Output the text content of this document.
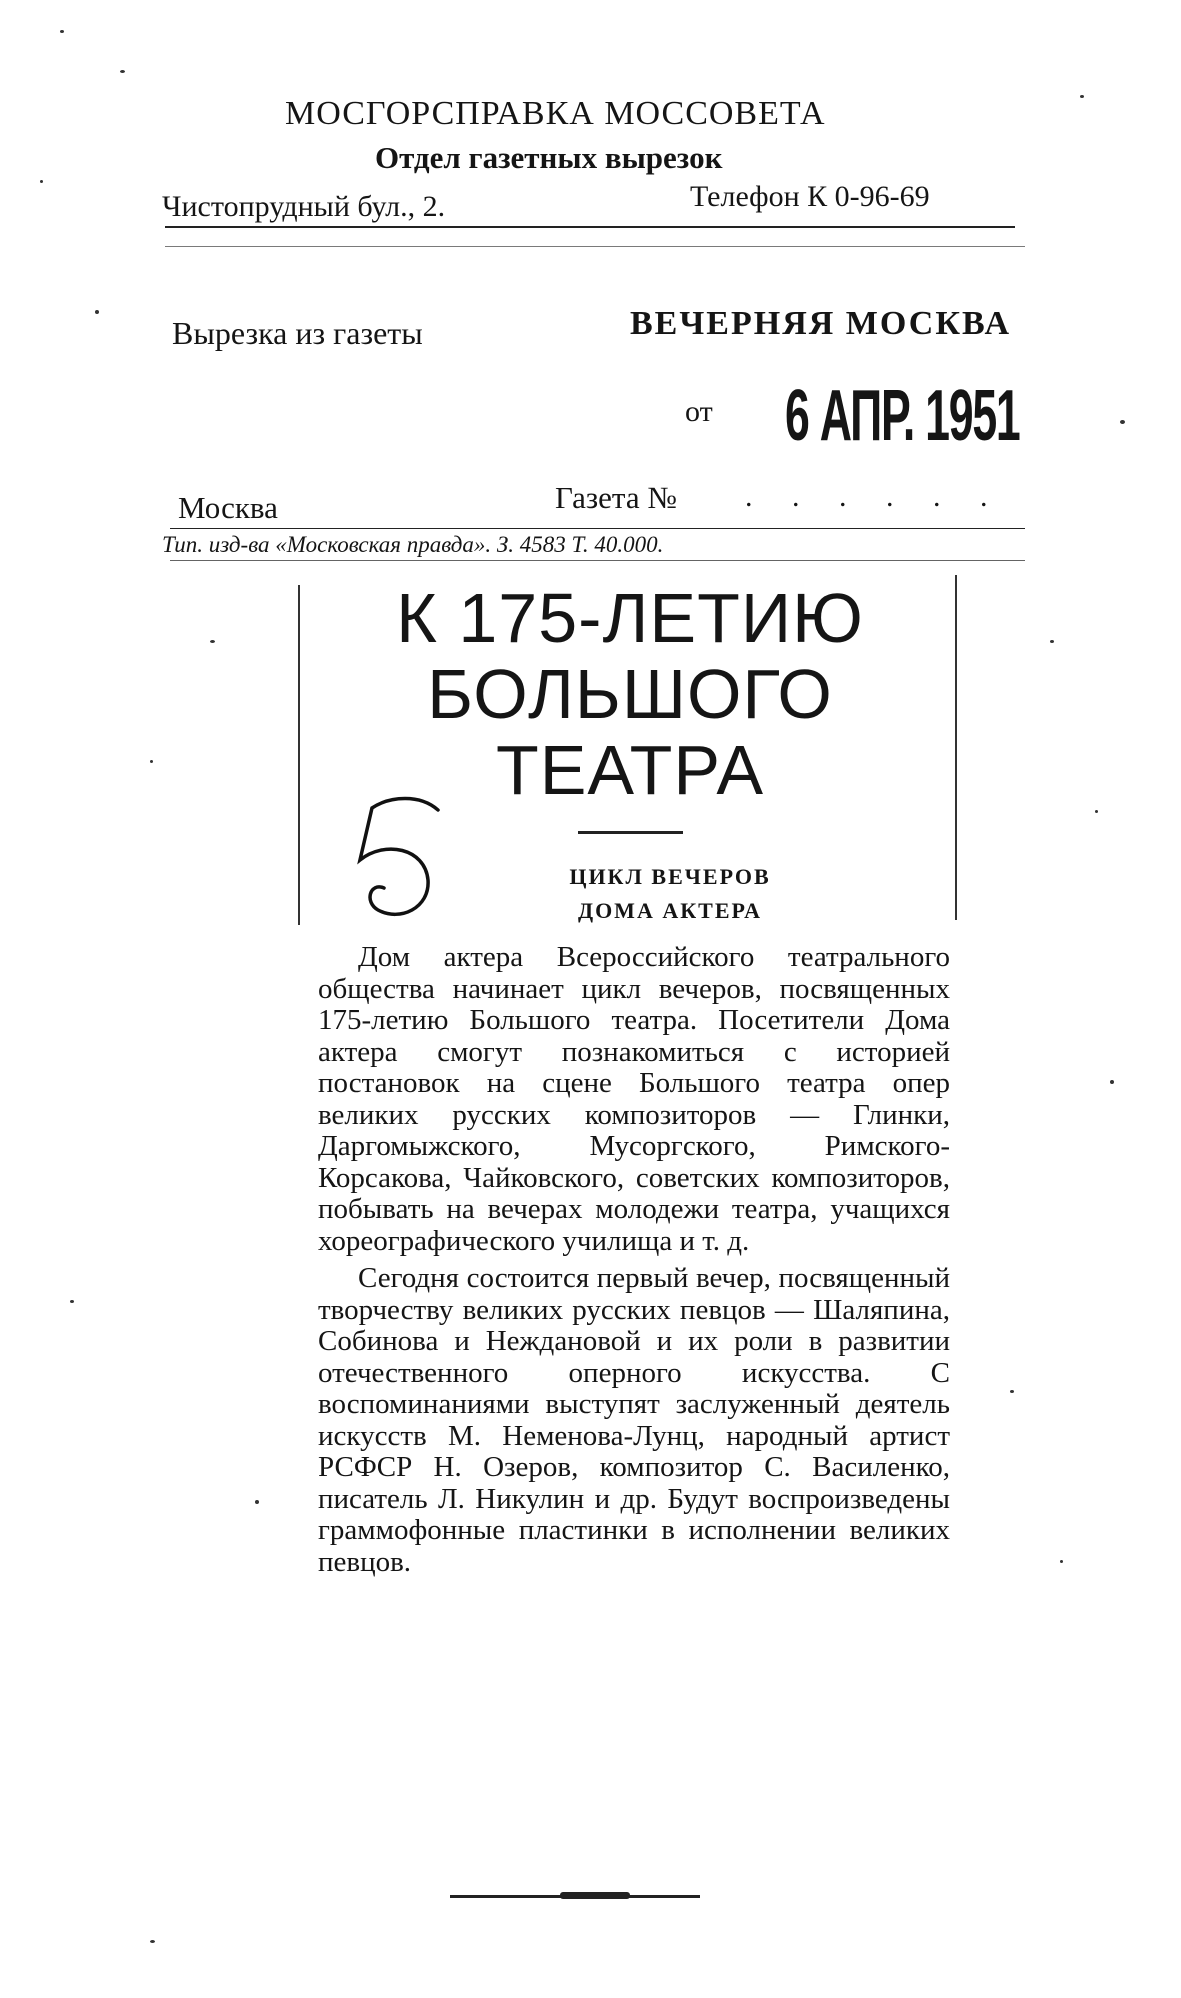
МОСГОРСПРАВКА МОССОВЕТА
Отдел газетных вырезок
Чистопрудный бул., 2.	Телефон К 0-96-69
Вырезка из газеты	ВЕЧЕРНЯЯ МОСКВА
от 6 АПР. 1951
Москва	Газета № . . . . . .
Тип. изд-ва «Московская правда». З. 4583 Т. 40.000.
К 175-ЛЕТИЮ
БОЛЬШОГО
ТЕАТРА
ЦИКЛ ВЕЧЕРОВ
ДОМА АКТЕРА

Дом актера Всероссийского театрального общества начинает цикл вечеров, посвященных 175-летию Большого театра. Посетители Дома актера смогут познакомиться с историей постановок на сцене Большого театра опер великих русских композиторов — Глинки, Даргомыжского, Мусоргского, Римского-Корсакова, Чайковского, советских композиторов, побывать на вечерах молодежи театра, учащихся хореографического училища и т. д.

Сегодня состоится первый вечер, посвященный творчеству великих русских певцов — Шаляпина, Собинова и Неждановой и их роли в развитии отечественного оперного искусства. С воспоминаниями выступят заслуженный деятель искусств М. Неменова-Лунц, народный артист РСФСР Н. Озеров, композитор С. Василенко, писатель Л. Никулин и др. Будут воспроизведены граммофонные пластинки в исполнении великих певцов.
